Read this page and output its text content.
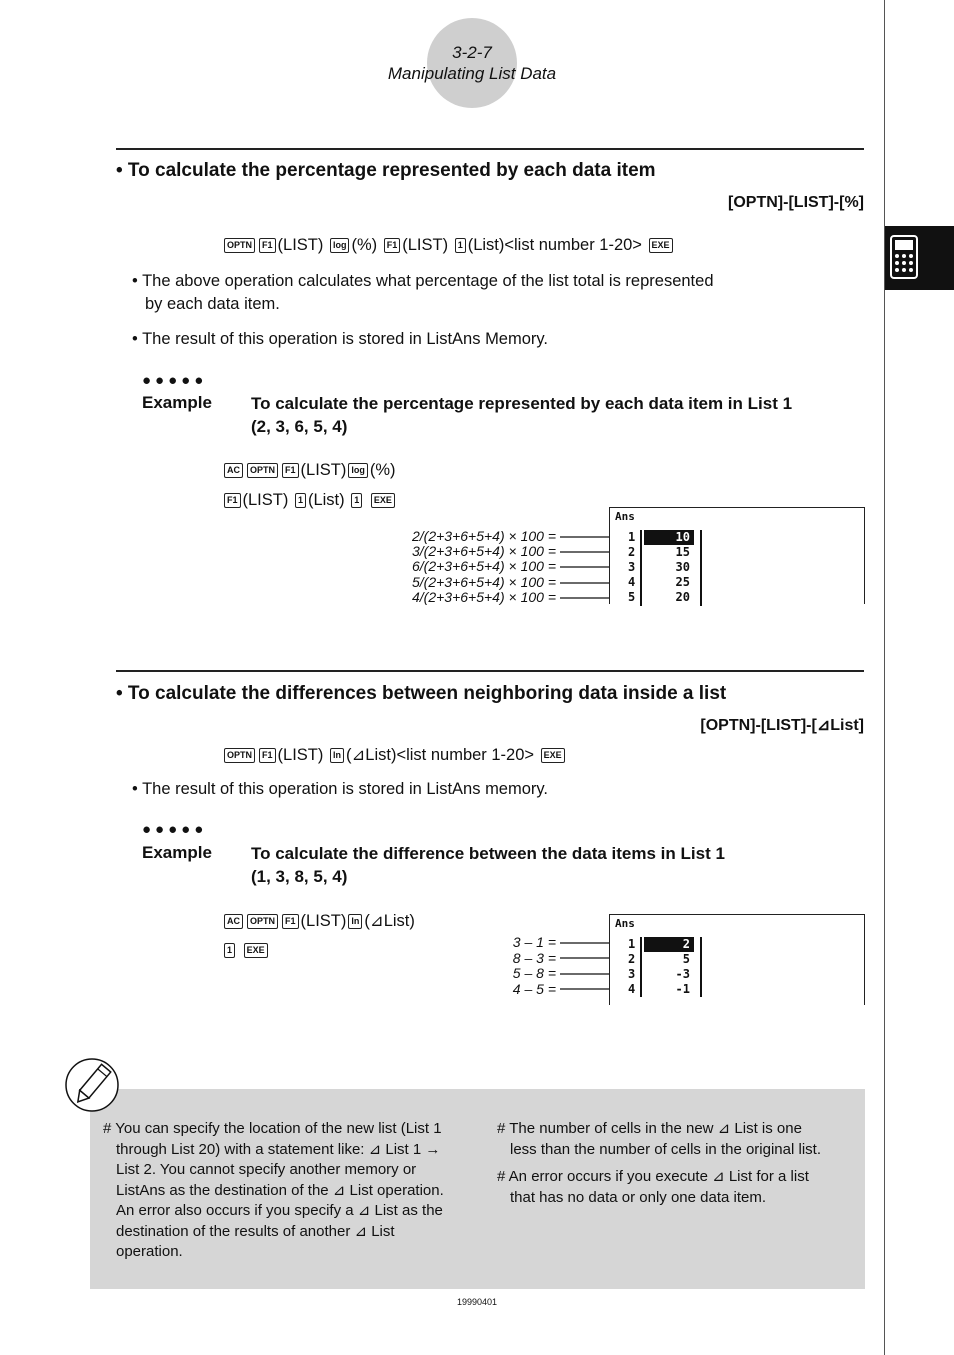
3-2-7
Manipulating List Data
• To calculate the percentage represented by each data item
[OPTN]-[LIST]-[%]
OPTN F1 (LIST) log (%) F1 (LIST) 1 (List)<list number 1-20> EXE
• The above operation calculates what percentage of the list total is represented
by each data item.
• The result of this operation is stored in ListAns Memory.
●●●●●
Example To calculate the percentage represented by each data item in List 1
(2, 3, 6, 5, 4)
AC OPTN F1 (LIST) log (%)
F1 (LIST) 1 (List) 1 EXE
2/(2+3+6+5+4) × 100 =
3/(2+3+6+5+4) × 100 =
6/(2+3+6+5+4) × 100 =
5/(2+3+6+5+4) × 100 =
4/(2+3+6+5+4) × 100 =
Ans
1	10
2	15
3	30
4	25
5	20
• To calculate the differences between neighboring data inside a list
[OPTN]-[LIST]-[⊿List]
OPTN F1 (LIST) ln (⊿List)<list number 1-20> EXE
• The result of this operation is stored in ListAns memory.
●●●●●
Example To calculate the difference between the data items in List 1
(1, 3, 8, 5, 4)
AC OPTN F1 (LIST) ln (⊿List)
1 EXE	3 – 1 =
8 – 3 =
5 – 8 =
4 – 5 =
Ans
1	2
2	5
3	-3
4	-1
# You can specify the location of the new list (List 1
through List 20) with a statement like: ⊿ List 1 →
List 2. You cannot specify another memory or
ListAns as the destination of the ⊿ List operation.
An error also occurs if you specify a ⊿ List as the
destination of the results of another ⊿ List
operation.
# The number of cells in the new ⊿ List is one
less than the number of cells in the original list.
# An error occurs if you execute ⊿ List for a list
that has no data or only one data item.
19990401
